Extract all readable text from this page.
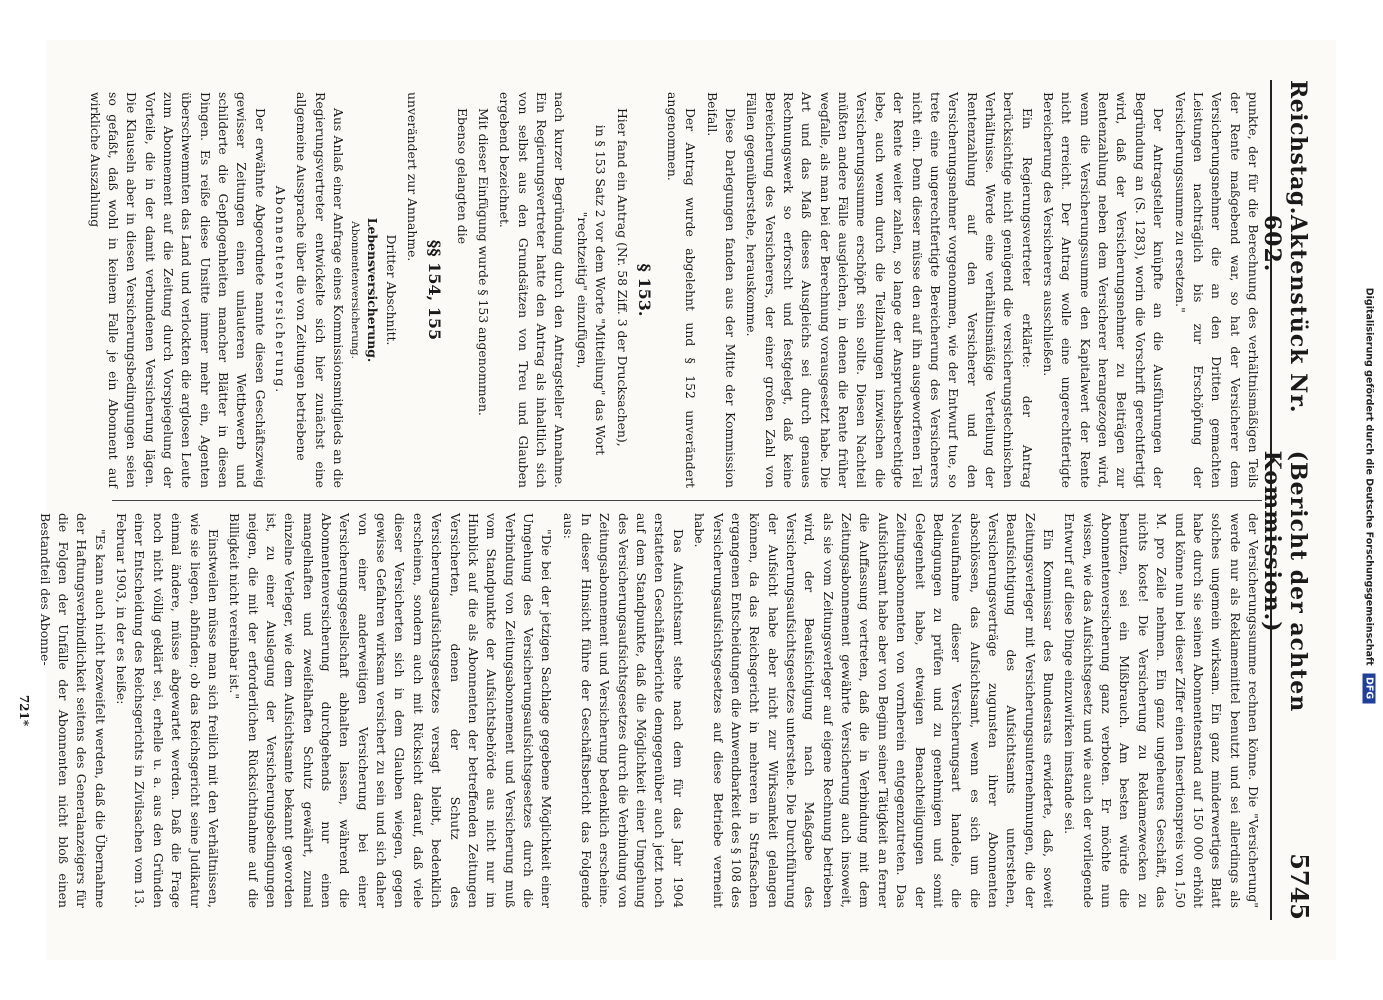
Reichstag.
Aktenstück Nr. 602.
(Bericht der achten Kommission.)
5745

punkte, der für die Berechnung des verhältnismäßigen Teils der Rente maßgebend war, so hat der Versicherer dem Versicherungsnehmer die an den Dritten gemachten Leistungen nachträglich bis zur Erschöpfung der Versicherungssumme zu ersetzen."

Der Antragsteller knüpfte an die Ausführungen der Begründung an (S. 1283), worin die Vorschrift gerechtfertigt wird, daß der Versicherungsnehmer zu Beiträgen zur Rentenzahlung neben dem Versicherer herangezogen wird, wenn die Versicherungssumme den Kapitalwert der Rente nicht erreicht. Der Antrag wolle eine ungerechtfertigte Bereicherung des Versicherers ausschließen.

Ein Regierungsvertreter erklärte: der Antrag berücksichtige nicht genügend die versicherungstechnischen Verhältnisse. Werde eine verhältnismäßige Verteilung der Rentenzahlung auf den Versicherer und den Versicherungsnehmer vorgenommen, wie der Entwurf tue, so trete eine ungerechtfertigte Bereicherung des Versicherers nicht ein. Denn dieser müsse den auf ihn ausgeworfenen Teil der Rente weiter zahlen, so lange der Anspruchsberechtigte lebe, auch wenn durch die Teilzahlungen inzwischen die Versicherungssumme erschöpft sein sollte. Diesen Nachteil müßten andere Fälle ausgleichen, in denen die Rente früher wegfalle, als man bei der Berechnung vorausgesetzt habe. Die Art und das Maß dieses Ausgleichs sei durch genaues Rechnungswerk so erforscht und festgelegt, daß keine Bereicherung des Versicherers, der einer großen Zahl von Fällen gegenüberstehe, herauskomme.

Diese Darlegungen fanden aus der Mitte der Kommission Beifall.

Der Antrag wurde abgelehnt und § 152 unverändert angenommen.

§ 153.

Hier fand ein Antrag (Nr. 58 Ziff. 3 der Drucksachen),

in § 153 Satz 2 vor dem Worte "Mitteilung" das Wort "rechtzeitig" einzufügen,

nach kurzer Begründung durch den Antragsteller Annahme. Ein Regierungsvertreter hatte den Antrag als inhaltlich sich von selbst aus den Grundsätzen von Treu und Glauben ergebend bezeichnet.

Mit dieser Einfügung wurde § 153 angenommen.

Ebenso gelangten die

§§ 154, 155

unverändert zur Annahme.

Dritter Abschnitt.
Lebensversicherung.
Abonnentenversicherung.

Aus Anlaß einer Anfrage eines Kommissionsmitglieds an die Regierungsvertreter entwickelte sich hier zunächst eine allgemeine Aussprache über die von Zeitungen betriebene

Abonnentenversicherung.

Der erwähnte Abgeordnete nannte diesen Geschäftszweig gewisser Zeitungen einen unlauteren Wettbewerb und schilderte die Gepflogenheiten mancher Blätter in diesen Dingen. Es reiße diese Unsitte immer mehr ein, Agenten überschwemmten das Land und verlockten die arglosen Leute zum Abonnement auf die Zeitung durch Vorspiegelung der Vorteile, die in der damit verbundenen Versicherung lägen. Die Klauseln aber in diesen Versicherungsbedingungen seien so gefaßt, daß wohl in keinem Falle je ein Abonnent auf wirkliche Auszahlung

der Versicherungssumme rechnen könne. Die "Versicherung" werde nur als Reklamemittel benutzt und sei allerdings als solches ungemein wirksam. Ein ganz minderwertiges Blatt habe durch sie seinen Abonnentenstand auf 150 000 erhöht und könne nun bei dieser Ziffer einen Insertionspreis von 1,50 M. pro Zeile nehmen. Ein ganz ungeheures Geschäft, das nichts koste! Die Versicherung zu Reklamezwecken zu benutzen, sei ein Mißbrauch. Am besten würde die Abonnentenversicherung ganz verboten. Er möchte nun wissen, wie das Aufsichtsgesetz und wie auch der vorliegende Entwurf auf diese Dinge einzuwirken imstande sei.

Ein Kommissar des Bundesrats erwiderte, daß, soweit Zeitungsverleger mit Versicherungsunternehmungen, die der Beaufsichtigung des Aufsichtsamts unterstehen, Versicherungsverträge zugunsten ihrer Abonnenten abschlössen, das Aufsichtsamt, wenn es sich um die Neuaufnahme dieser Versicherungsart handele, die Bedingungen zu prüfen und zu genehmigen und somit Gelegenheit habe, etwaigen Benachteiligungen der Zeitungsabonnenten von vornherein entgegenzutreten. Das Aufsichtsamt habe aber von Beginn seiner Tätigkeit an ferner die Auffassung vertreten, daß die in Verbindung mit dem Zeitungsabonnement gewährte Versicherung auch insoweit, als sie vom Zeitungsverleger auf eigene Rechnung betrieben wird, der Beaufsichtigung nach Maßgabe des Versicherungsaufsichtsgesetzes unterstehe. Die Durchführung der Aufsicht habe aber nicht zur Wirksamkeit gelangen können, da das Reichsgericht in mehreren in Strafsachen ergangenen Entscheidungen die Anwendbarkeit des § 108 des Versicherungsaufsichtsgesetzes auf diese Betriebe verneint habe.

Das Aufsichtsamt stehe nach dem für das Jahr 1904 erstatteten Geschäftsberichte demgegenüber auch jetzt noch auf dem Standpunkte, daß die Möglichkeit einer Umgehung des Versicherungsaufsichtsgesetzes durch die Verbindung von Zeitungsabonnement und Versicherung bedenklich erscheine. In dieser Hinsicht führe der Geschäftsbericht das Folgende aus:

"Die bei der jetzigen Sachlage gegebene Möglichkeit einer Umgehung des Versicherungsaufsichtsgesetzes durch die Verbindung von Zeitungsabonnement und Versicherung muß vom Standpunkte der Aufsichtsbehörde aus nicht nur im Hinblick auf die als Abonnenten der betreffenden Zeitungen Versicherten, denen der Schutz des Versicherungsaufsichtsgesetzes versagt bleibt, bedenklich erscheinen, sondern auch mit Rücksicht darauf, daß viele dieser Versicherten sich in dem Glauben wiegen, gegen gewisse Gefahren wirksam versichert zu sein und sich daher von einer anderweitigen Versicherung bei einer Versicherungsgesellschaft abhalten lassen, während die Abonnentenversicherung durchgehends nur einen mangelhaften und zweifelhaften Schutz gewährt, zumal einzelne Verleger, wie dem Aufsichtsamte bekannt geworden ist, zu einer Auslegung der Versicherungsbedingungen neigen, die mit der erforderlichen Rücksichtnahme auf die Billigkeit nicht vereinbar ist."

Einstweilen müsse man sich freilich mit den Verhältnissen, wie sie liegen, abfinden; ob das Reichsgericht seine Judikatur einmal ändere, müsse abgewartet werden. Daß die Frage noch nicht völlig geklärt sei, erhelle u. a. aus den Gründen einer Entscheidung des Reichsgerichts in Zivilsachen vom 13. Februar 1903, in der es heiße:

"Es kann auch nicht bezweifelt werden, daß die Übernahme der Haftungsverbindlichkeit seitens des Generalanzeigers für die Folgen der Unfälle der Abonnenten nicht bloß einen Bestandteil des Abonne-

721*
Digitalisierung gefördert durch die Deutsche Forschungsgemeinschaft DFG
